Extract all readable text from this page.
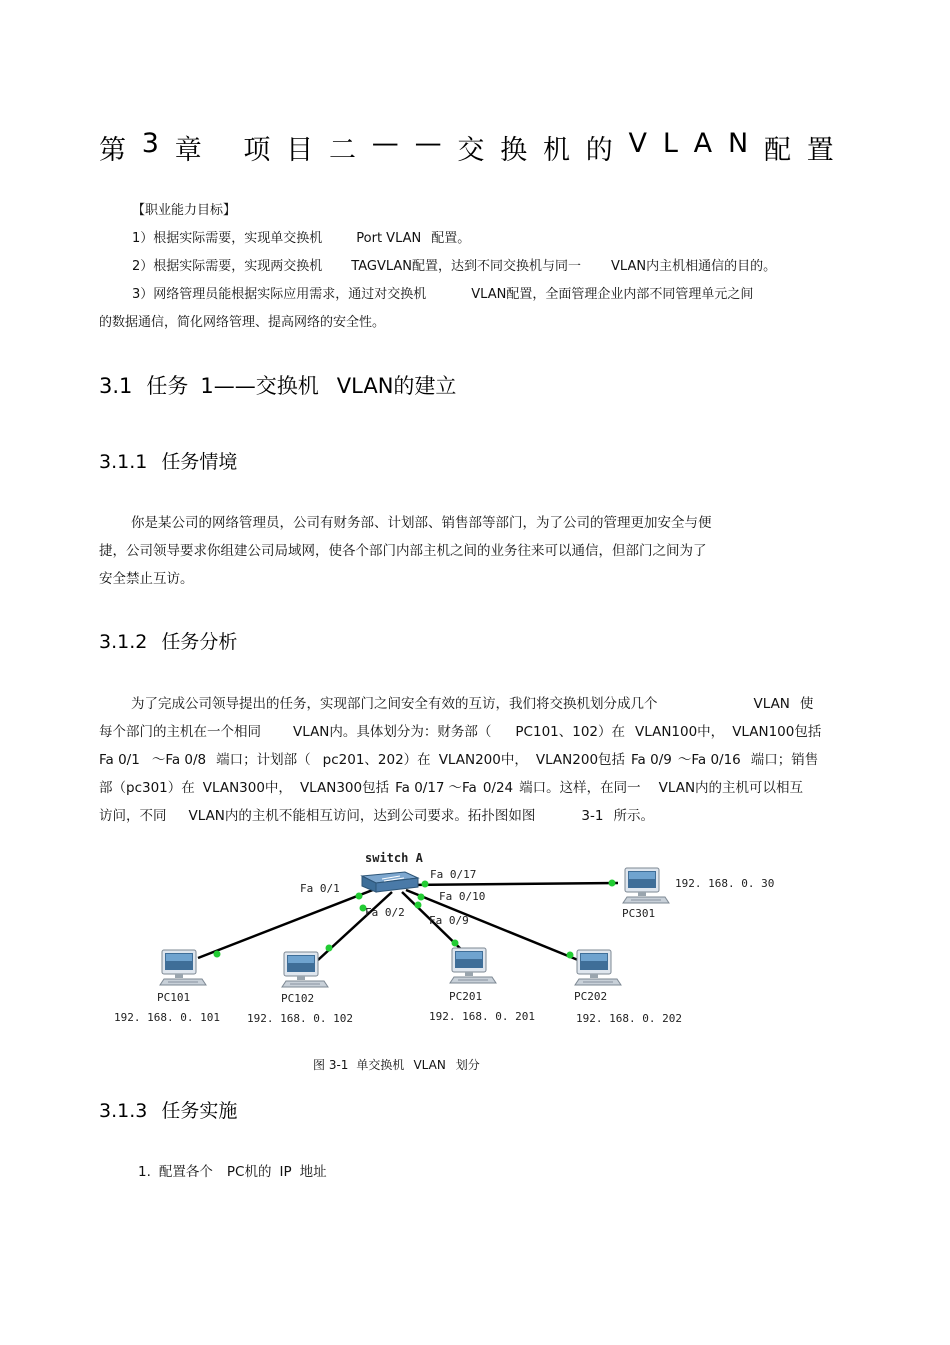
第 3 章 项 目 二 — — 交 换 机 的 V L A N 配 置
【职业能力目标】
1）根据实际需要，实现单交换机	Port VLAN 配置。
2）根据实际需要，实现两交换机 TAGVLAN配置，达到不同交换机与同一 VLAN内主机相通信的目的。
3）网络管理员能根据实际应用需求，通过对交换机	VLAN配置，全面管理企业内部不同管理单元之间
的数据通信，简化网络管理、提高网络的安全性。
3.1 任务 1——交换机 VLAN的建立
3.1.1 任务情境
你是某公司的网络管理员，公司有财务部、计划部、销售部等部门，为了公司的管理更加安全与便
捷，公司领导要求你组建公司局域网，使各个部门内部主机之间的业务往来可以通信，但部门之间为了
安全禁止互访。
3.1.2 任务分析
为了完成公司领导提出的任务，实现部门之间安全有效的互访，我们将交换机划分成几个	VLAN 使
每个部门的主机在一个相同 VLAN内。具体划分为：财务部（ PC101、102）在 VLAN100中， VLAN100包括
Fa 0/1 ～Fa 0/8 端口；计划部（ pc201、202）在 VLAN200中， VLAN200包括 Fa 0/9 ～Fa 0/16 端口；销售
部（pc301）在 VLAN300中， VLAN300包括 Fa 0/17 ～Fa 0/24 端口。这样，在同一 VLAN内的主机可以相互
访问，不同 VLAN内的主机不能相互访问，达到公司要求。拓扑图如图	3-1 所示。
switch A
Fa 0/1
Fa 0/2
Fa 0/17
Fa 0/10
Fa 0/9
PC101
192. 168. 0. 101
PC102
192. 168. 0. 102
PC201
192. 168. 0. 201
PC202
192. 168. 0. 202
PC301
192. 168. 0. 30
图 3-1 单交换机 VLAN 划分
3.1.3 任务实施
1. 配置各个 PC机的 IP 地址
